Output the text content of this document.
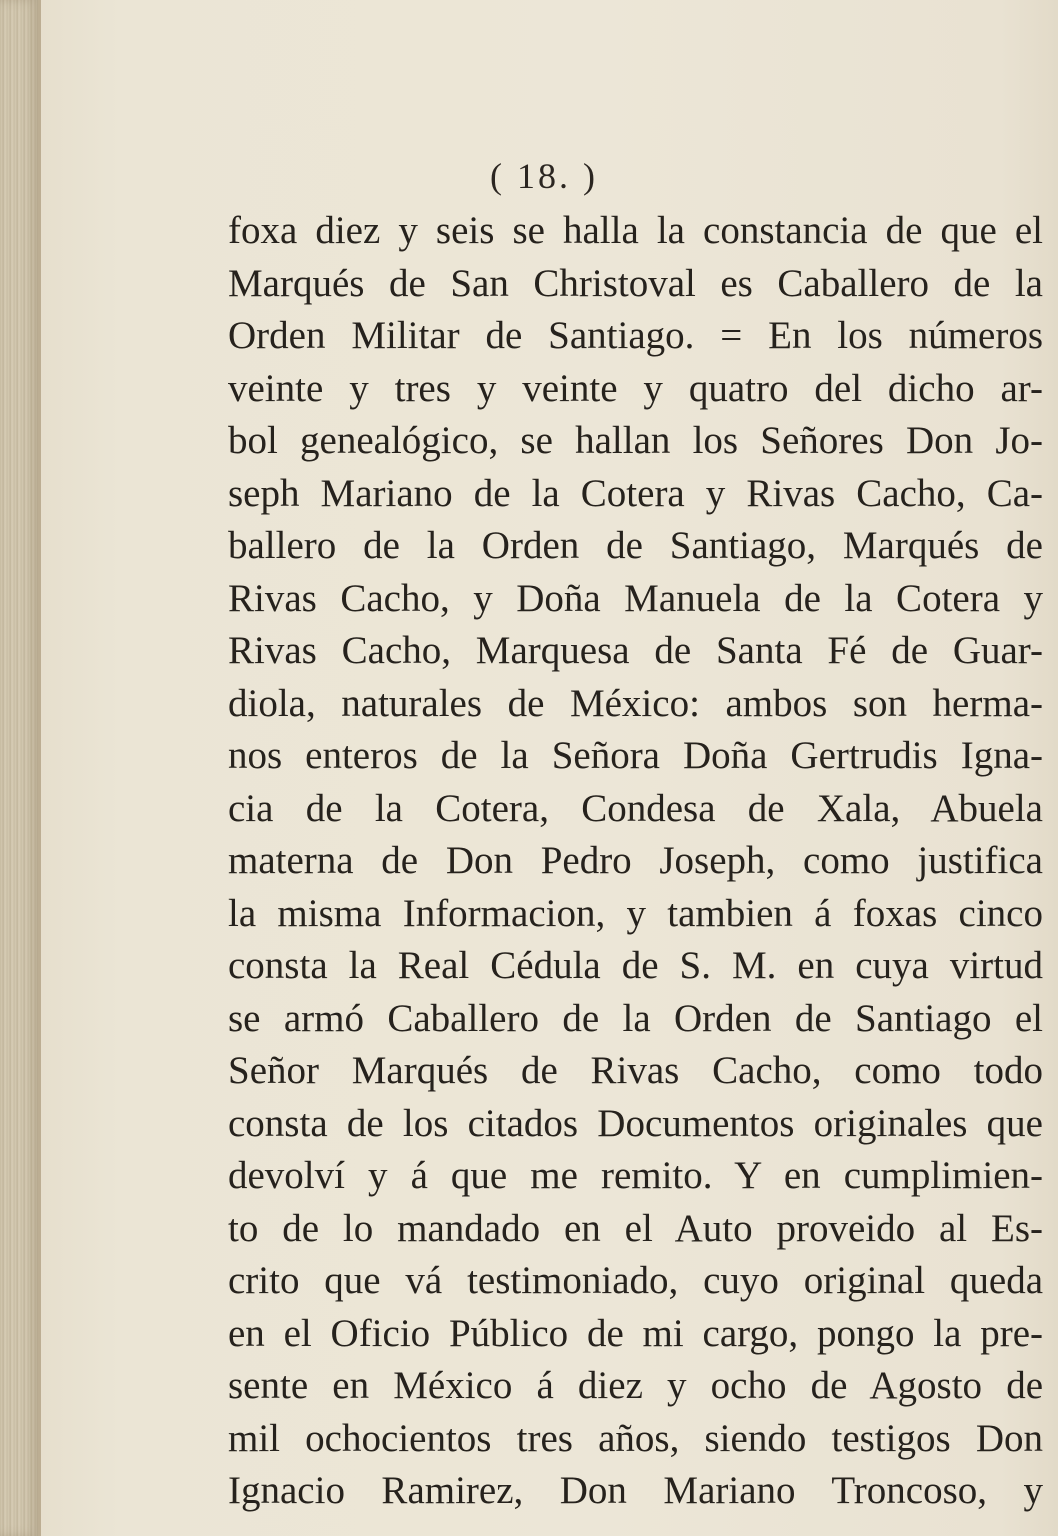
( 18. )
foxa diez y seis se halla la constancia de que el
Marqués de San Christoval es Caballero de la
Orden Militar de Santiago. = En los números
veinte y tres y veinte y quatro del dicho ar-
bol genealógico, se hallan los Señores Don Jo-
seph Mariano de la Cotera y Rivas Cacho, Ca-
ballero de la Orden de Santiago, Marqués de
Rivas Cacho, y Doña Manuela de la Cotera y
Rivas Cacho, Marquesa de Santa Fé de Guar-
diola, naturales de México: ambos son herma-
nos enteros de la Señora Doña Gertrudis Igna-
cia de la Cotera, Condesa de Xala, Abuela
materna de Don Pedro Joseph, como justifica
la misma Informacion, y tambien á foxas cinco
consta la Real Cédula de S. M. en cuya virtud
se armó Caballero de la Orden de Santiago el
Señor Marqués de Rivas Cacho, como todo
consta de los citados Documentos originales que
devolví y á que me remito. Y en cumplimien-
to de lo mandado en el Auto proveido al Es-
crito que vá testimoniado, cuyo original queda
en el Oficio Público de mi cargo, pongo la pre-
sente en México á diez y ocho de Agosto de
mil ochocientos tres años, siendo testigos Don
Ignacio Ramirez, Don Mariano Troncoso, y
